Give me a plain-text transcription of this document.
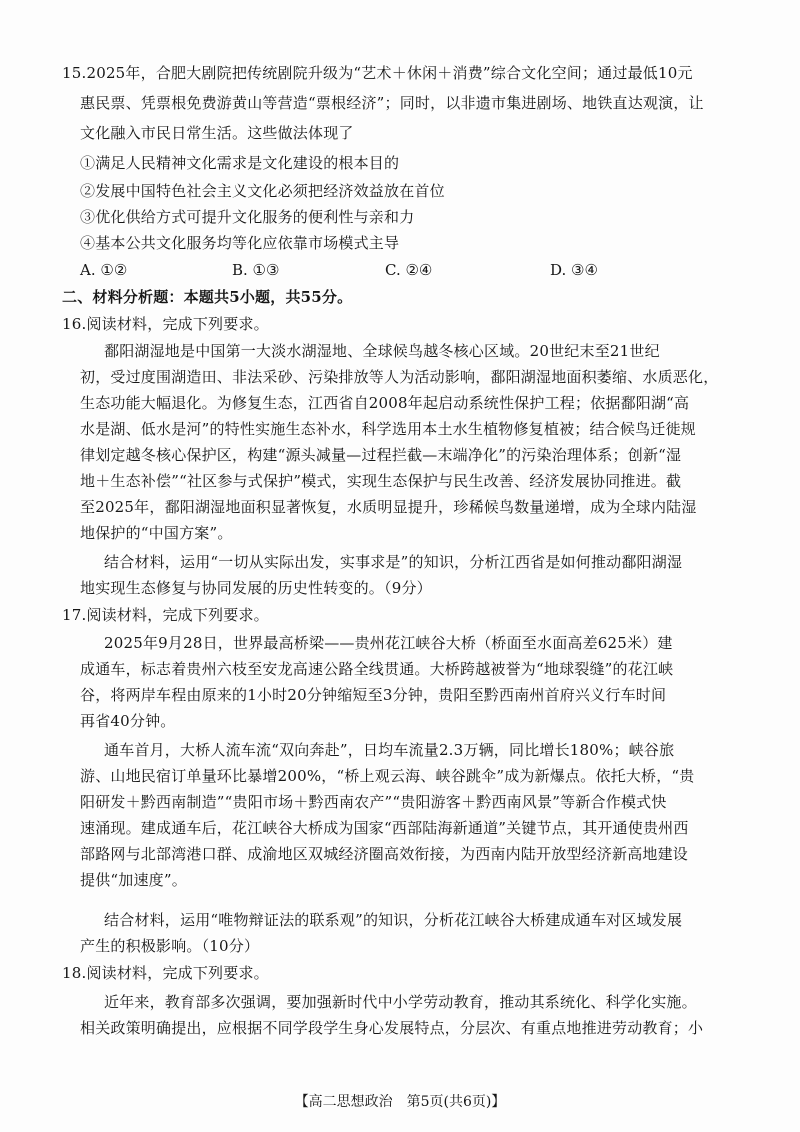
15.2025年，合肥大剧院把传统剧院升级为“艺术＋休闲＋消费”综合文化空间；通过最低10元
惠民票、凭票根免费游黄山等营造“票根经济”；同时，以非遗市集进剧场、地铁直达观演，让
文化融入市民日常生活。这些做法体现了
①满足人民精神文化需求是文化建设的根本目的
②发展中国特色社会主义文化必须把经济效益放在首位
③优化供给方式可提升文化服务的便利性与亲和力
④基本公共文化服务均等化应依靠市场模式主导
A. ①②	B. ①③	C. ②④	D. ③④
二、材料分析题：本题共5小题，共55分。
16.阅读材料，完成下列要求。
鄱阳湖湿地是中国第一大淡水湖湿地、全球候鸟越冬核心区域。20世纪末至21世纪
初，受过度围湖造田、非法采砂、污染排放等人为活动影响，鄱阳湖湿地面积萎缩、水质恶化，
生态功能大幅退化。为修复生态，江西省自2008年起启动系统性保护工程；依据鄱阳湖“高
水是湖、低水是河”的特性实施生态补水，科学选用本土水生植物修复植被；结合候鸟迁徙规
律划定越冬核心保护区，构建“源头减量—过程拦截—末端净化”的污染治理体系；创新“湿
地＋生态补偿”“社区参与式保护”模式，实现生态保护与民生改善、经济发展协同推进。截
至2025年，鄱阳湖湿地面积显著恢复，水质明显提升，珍稀候鸟数量递增，成为全球内陆湿
地保护的“中国方案”。
结合材料，运用“一切从实际出发，实事求是”的知识，分析江西省是如何推动鄱阳湖湿
地实现生态修复与协同发展的历史性转变的。（9分）
17.阅读材料，完成下列要求。
2025年9月28日，世界最高桥梁——贵州花江峡谷大桥（桥面至水面高差625米）建
成通车，标志着贵州六枝至安龙高速公路全线贯通。大桥跨越被誉为“地球裂缝”的花江峡
谷，将两岸车程由原来的1小时20分钟缩短至3分钟，贵阳至黔西南州首府兴义行车时间
再省40分钟。
通车首月，大桥人流车流“双向奔赴”，日均车流量2.3万辆，同比增长180%；峡谷旅
游、山地民宿订单量环比暴增200%，“桥上观云海、峡谷跳伞”成为新爆点。依托大桥，“贵
阳研发＋黔西南制造”“贵阳市场＋黔西南农产”“贵阳游客＋黔西南风景”等新合作模式快
速涌现。建成通车后，花江峡谷大桥成为国家“西部陆海新通道”关键节点，其开通使贵州西
部路网与北部湾港口群、成渝地区双城经济圈高效衔接，为西南内陆开放型经济新高地建设
提供“加速度”。
结合材料，运用“唯物辩证法的联系观”的知识，分析花江峡谷大桥建成通车对区域发展
产生的积极影响。（10分）
18.阅读材料，完成下列要求。
近年来，教育部多次强调，要加强新时代中小学劳动教育，推动其系统化、科学化实施。
相关政策明确提出，应根据不同学段学生身心发展特点，分层次、有重点地推进劳动教育；小
【高二思想政治　第5页(共6页)】
